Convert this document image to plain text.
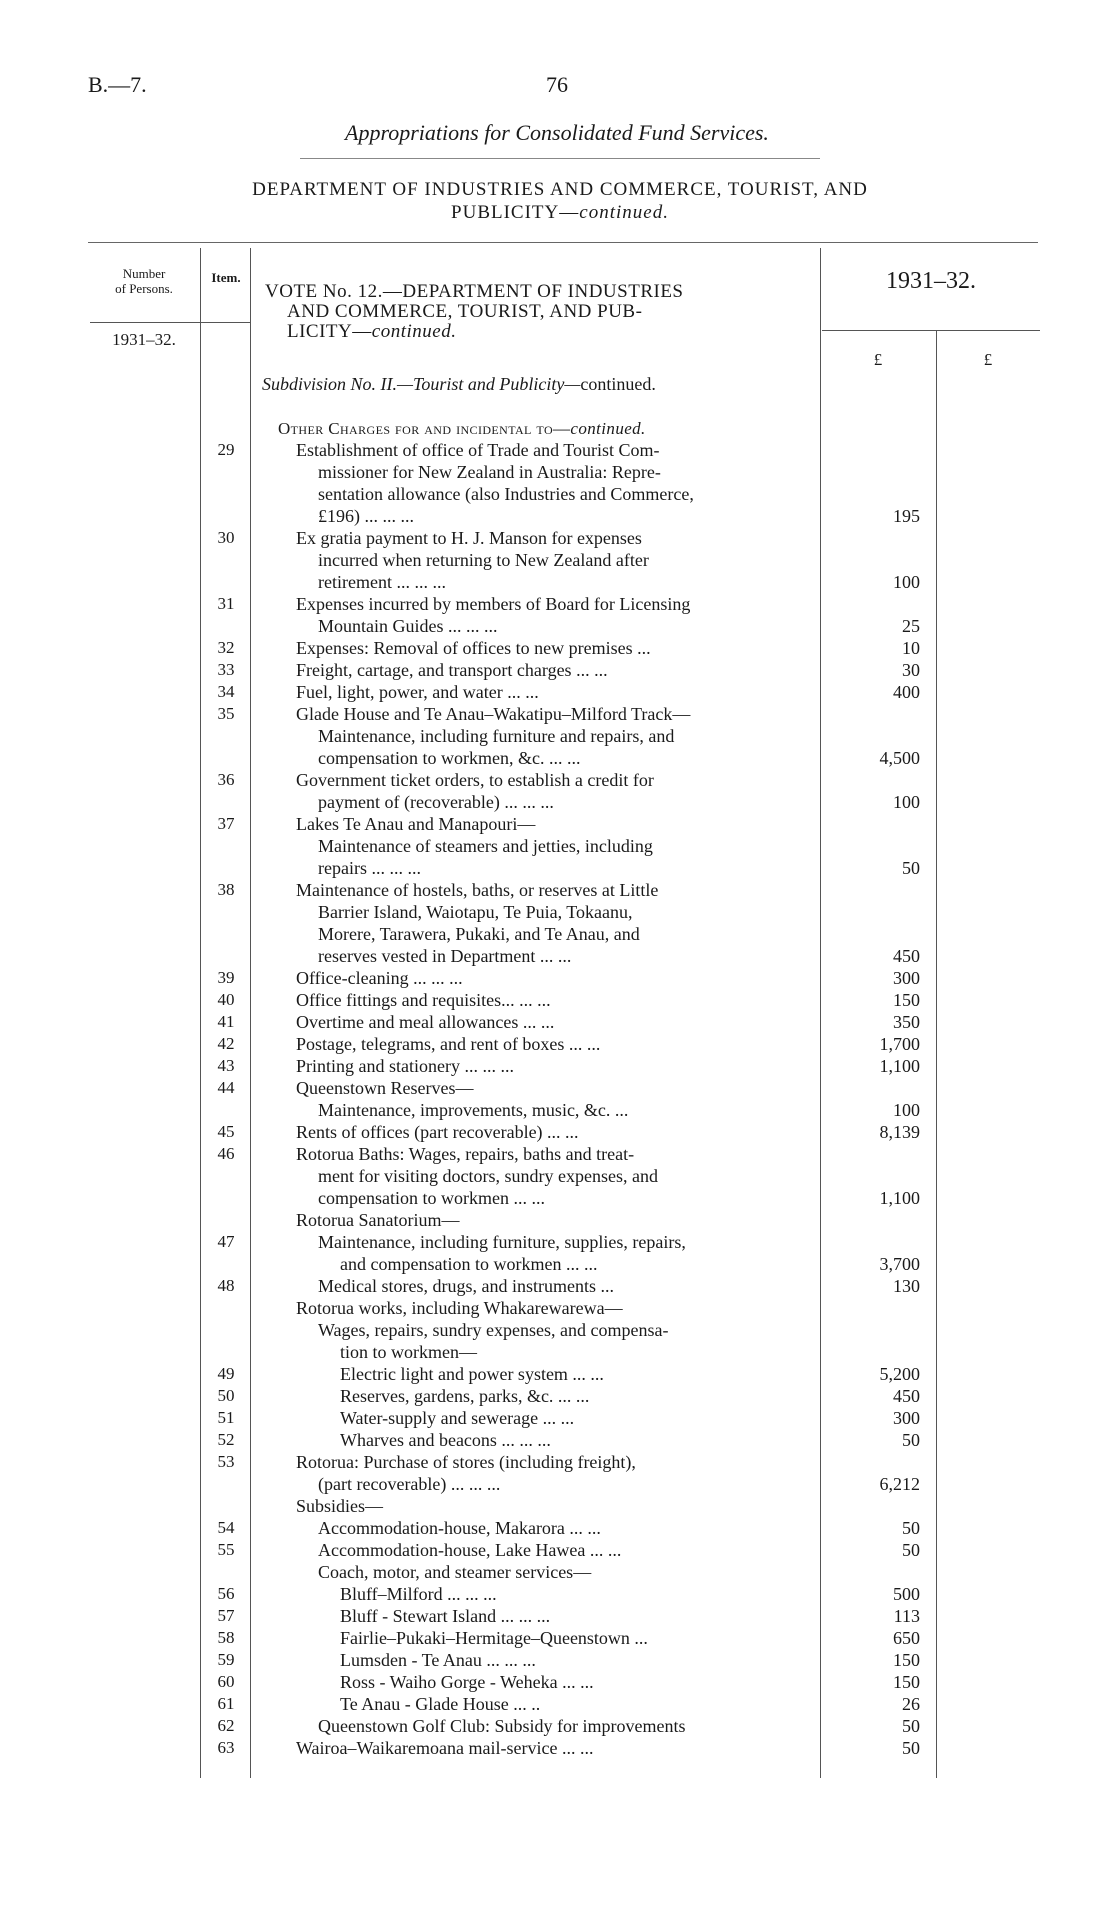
B.—7.	76
Appropriations for Consolidated Fund Services.
DEPARTMENT OF INDUSTRIES AND COMMERCE, TOURIST, AND
PUBLICITY—continued.
Number
of Persons.
Item.
1931–32.
VOTE No. 12.—DEPARTMENT OF INDUSTRIES
AND COMMERCE, TOURIST, AND PUB-
LICITY—continued.
1931–32.
£	£
Subdivision No. II.—Tourist and Publicity—continued.
Other Charges for and incidental to—continued.
29	Establishment of office of Trade and Tourist Com-
missioner for New Zealand in Australia: Repre-
sentation allowance (also Industries and Commerce,
£196) ... ... ...	195
30	Ex gratia payment to H. J. Manson for expenses
incurred when returning to New Zealand after
retirement ... ... ...	100
31	Expenses incurred by members of Board for Licensing
Mountain Guides ... ... ...	25
32	Expenses: Removal of offices to new premises ...	10
33	Freight, cartage, and transport charges ... ...	30
34	Fuel, light, power, and water ... ...	400
35	Glade House and Te Anau–Wakatipu–Milford Track—
Maintenance, including furniture and repairs, and
compensation to workmen, &c. ... ...	4,500
36	Government ticket orders, to establish a credit for
payment of (recoverable) ... ... ...	100
37	Lakes Te Anau and Manapouri—
Maintenance of steamers and jetties, including
repairs ... ... ...	50
38	Maintenance of hostels, baths, or reserves at Little
Barrier Island, Waiotapu, Te Puia, Tokaanu,
Morere, Tarawera, Pukaki, and Te Anau, and
reserves vested in Department ... ...	450
39	Office-cleaning ... ... ...	300
40	Office fittings and requisites... ... ...	150
41	Overtime and meal allowances ... ...	350
42	Postage, telegrams, and rent of boxes ... ...	1,700
43	Printing and stationery ... ... ...	1,100
44	Queenstown Reserves—
Maintenance, improvements, music, &c. ...	100
45	Rents of offices (part recoverable) ... ...	8,139
46	Rotorua Baths: Wages, repairs, baths and treat-
ment for visiting doctors, sundry expenses, and
compensation to workmen ... ...	1,100
Rotorua Sanatorium—
47	Maintenance, including furniture, supplies, repairs,
and compensation to workmen ... ...	3,700
48	Medical stores, drugs, and instruments ...	130
Rotorua works, including Whakarewarewa—
Wages, repairs, sundry expenses, and compensa-
tion to workmen—
49	Electric light and power system ... ...	5,200
50	Reserves, gardens, parks, &c. ... ...	450
51	Water-supply and sewerage ... ...	300
52	Wharves and beacons ... ... ...	50
53	Rotorua: Purchase of stores (including freight),
(part recoverable) ... ... ...	6,212
Subsidies—
54	Accommodation-house, Makarora ... ...	50
55	Accommodation-house, Lake Hawea ... ...	50
Coach, motor, and steamer services—
56	Bluff–Milford ... ... ...	500
57	Bluff - Stewart Island ... ... ...	113
58	Fairlie–Pukaki–Hermitage–Queenstown ...	650
59	Lumsden - Te Anau ... ... ...	150
60	Ross - Waiho Gorge - Weheka ... ...	150
61	Te Anau - Glade House ... ..	26
62	Queenstown Golf Club: Subsidy for improvements	50
63	Wairoa–Waikaremoana mail-service ... ...	50
